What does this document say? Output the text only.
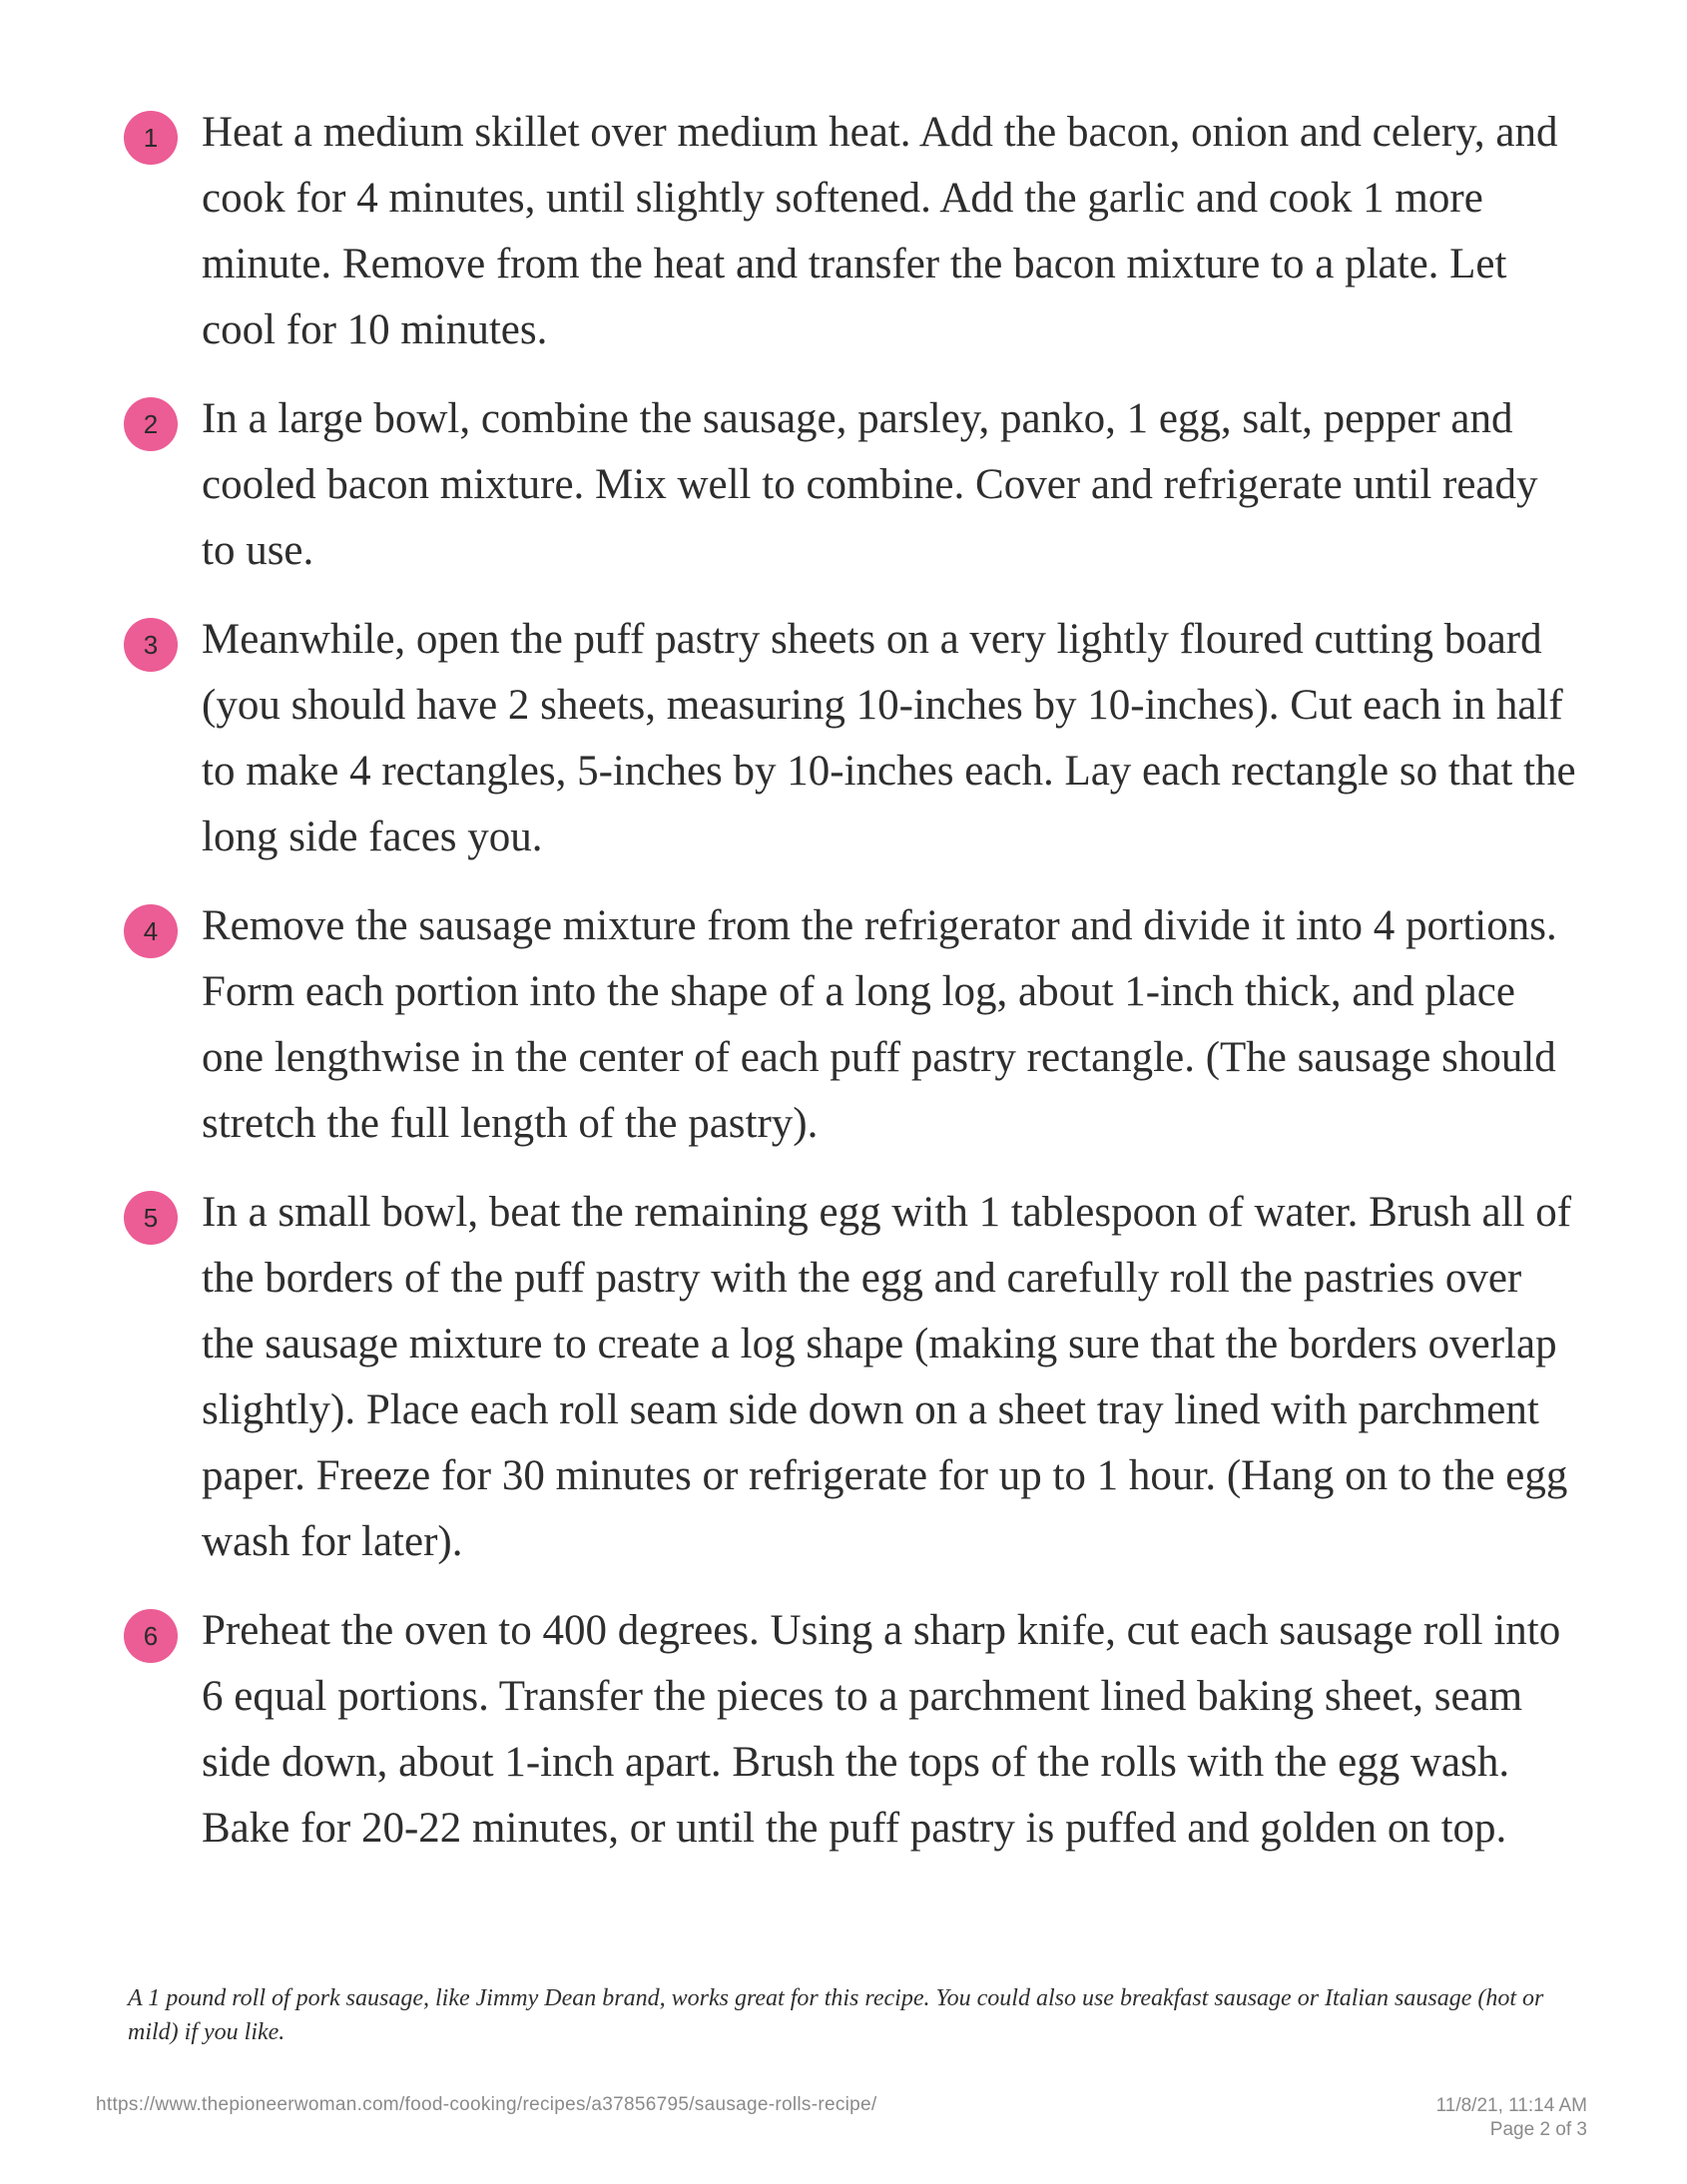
1	Heat a medium skillet over medium heat. Add the bacon, onion and celery, and cook for 4 minutes, until slightly softened. Add the garlic and cook 1 more minute. Remove from the heat and transfer the bacon mixture to a plate. Let cool for 10 minutes.

2	In a large bowl, combine the sausage, parsley, panko, 1 egg, salt, pepper and cooled bacon mixture. Mix well to combine. Cover and refrigerate until ready to use.

3	Meanwhile, open the puff pastry sheets on a very lightly floured cutting board (you should have 2 sheets, measuring 10-inches by 10-inches). Cut each in half to make 4 rectangles, 5-inches by 10-inches each. Lay each rectangle so that the long side faces you.

4	Remove the sausage mixture from the refrigerator and divide it into 4 portions. Form each portion into the shape of a long log, about 1-inch thick, and place one lengthwise in the center of each puff pastry rectangle. (The sausage should stretch the full length of the pastry).

5	In a small bowl, beat the remaining egg with 1 tablespoon of water. Brush all of the borders of the puff pastry with the egg and carefully roll the pastries over the sausage mixture to create a log shape (making sure that the borders overlap slightly). Place each roll seam side down on a sheet tray lined with parchment paper. Freeze for 30 minutes or refrigerate for up to 1 hour. (Hang on to the egg wash for later).

6	Preheat the oven to 400 degrees. Using a sharp knife, cut each sausage roll into 6 equal portions. Transfer the pieces to a parchment lined baking sheet, seam side down, about 1-inch apart. Brush the tops of the rolls with the egg wash. Bake for 20-22 minutes, or until the puff pastry is puffed and golden on top.

A 1 pound roll of pork sausage, like Jimmy Dean brand, works great for this recipe. You could also use breakfast sausage or Italian sausage (hot or mild) if you like.

https://www.thepioneerwoman.com/food-cooking/recipes/a37856795/sausage-rolls-recipe/	11/8/21, 11:14 AM
Page 2 of 3
